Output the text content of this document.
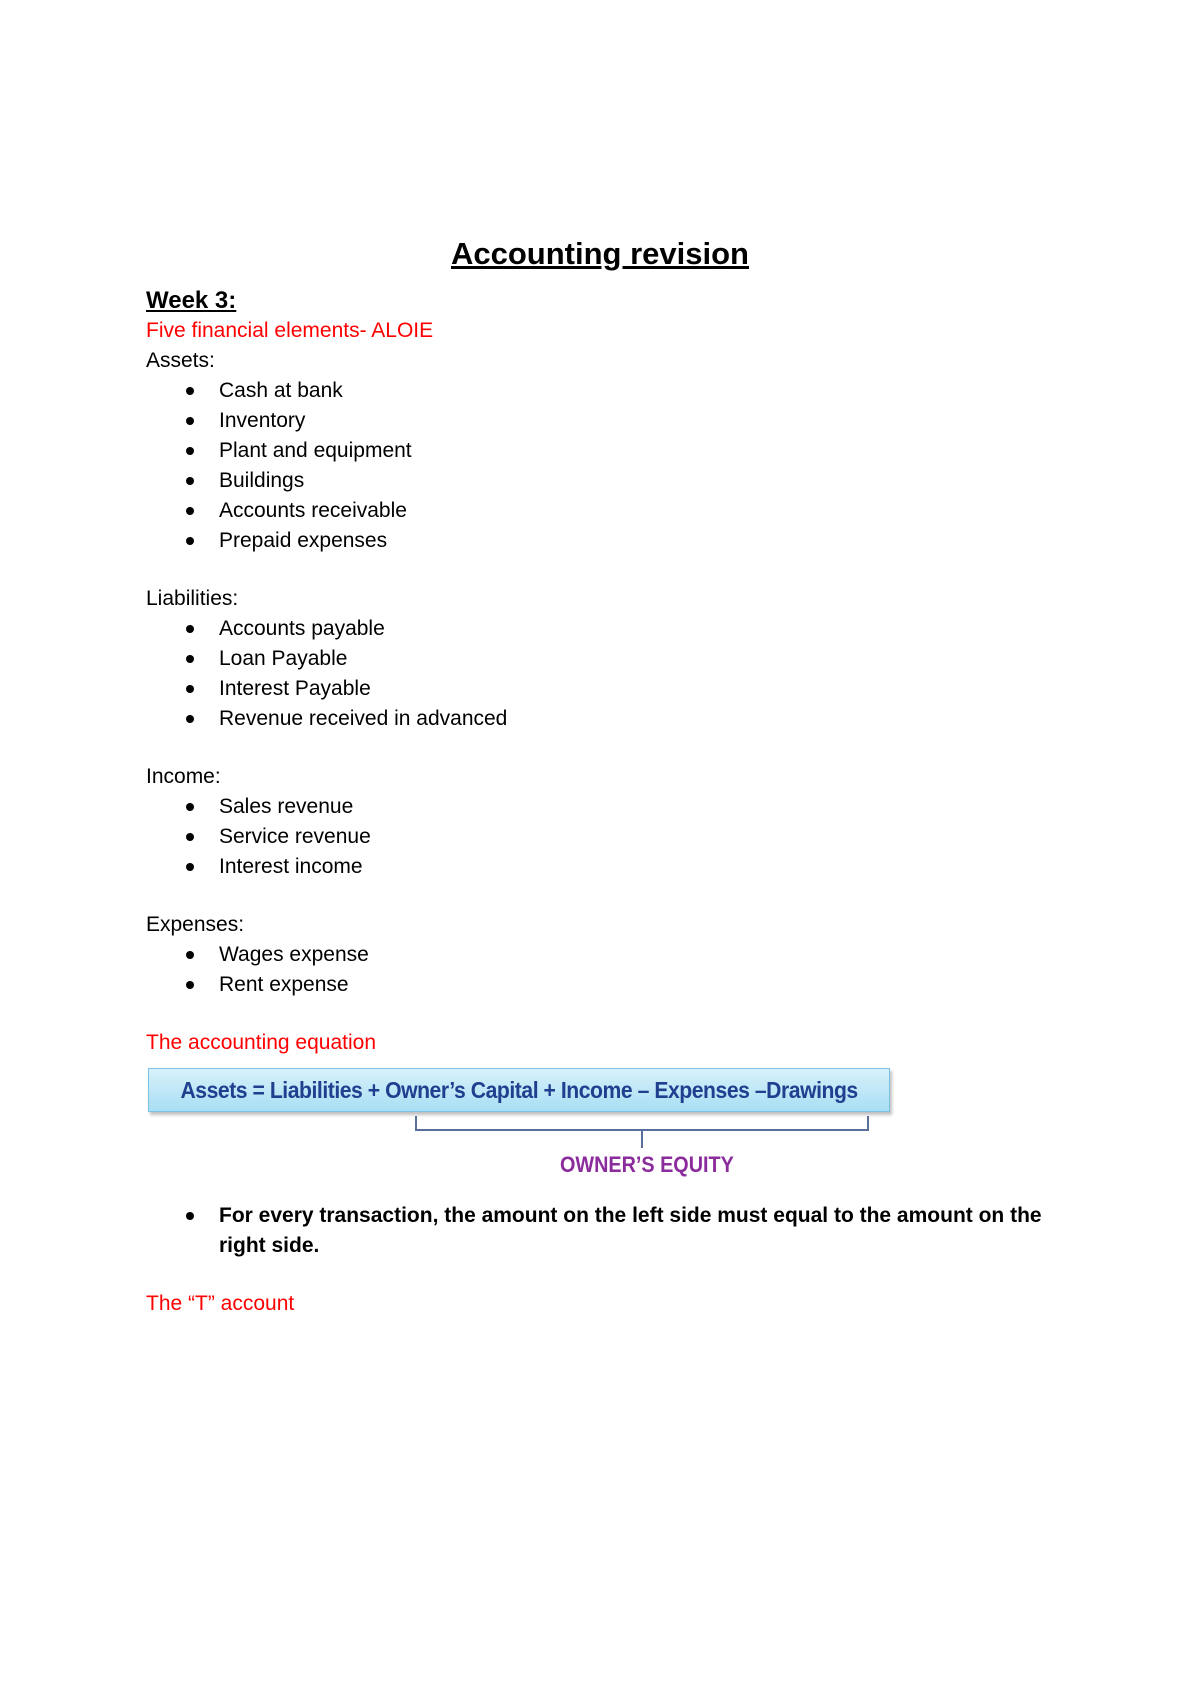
Accounting revision

Week 3:

Five financial elements- ALOIE

Assets:

Cash at bank
Inventory
Plant and equipment
Buildings
Accounts receivable
Prepaid expenses

Liabilities:

Accounts payable
Loan Payable
Interest Payable
Revenue received in advanced

Income:

Sales revenue
Service revenue
Interest income

Expenses:

Wages expense
Rent expense

The accounting equation

Assets = Liabilities + Owner’s Capital + Income – Expenses –Drawings
OWNER’S EQUITY
For every transaction, the amount on the left side must equal to the amount on the right side.

The “T” account
